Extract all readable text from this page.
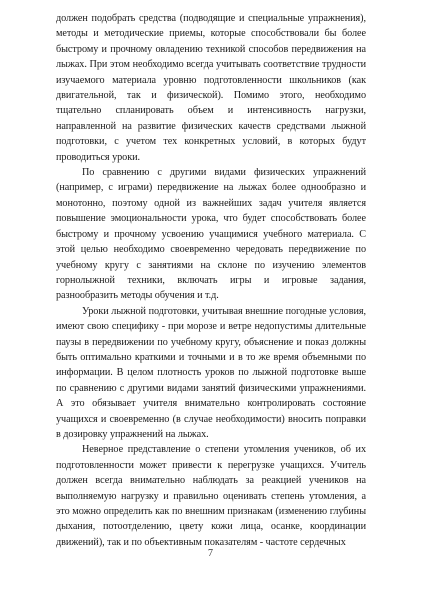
должен подобрать средства (подводящие и специальные упражнения), методы и методические приемы, которые способствовали бы более быстрому и прочному овладению техникой способов передвижения на лыжах. При этом необходимо всегда учитывать соответствие трудности изучаемого материала уровню подготовленности школьников (как двигательной, так и физической). Помимо этого, необходимо тщательно спланировать объем и интенсивность нагрузки, направленной на развитие физических качеств средствами лыжной подготовки, с учетом тех конкретных условий, в которых будут проводиться уроки.

По сравнению с другими видами физических упражнений (например, с играми) передвижение на лыжах более однообразно и монотонно, поэтому одной из важнейших задач учителя является повышение эмоциональности урока, что будет способствовать более быстрому и прочному усвоению учащимися учебного материала. С этой целью необходимо своевременно чередовать передвижение по учебному кругу с занятиями на склоне по изучению элементов горнолыжной техники, включать игры и игровые задания, разнообразить методы обучения и т.д.

Уроки лыжной подготовки, учитывая внешние погодные условия, имеют свою специфику - при морозе и ветре недопустимы длительные паузы в передвижении по учебному кругу, объяснение и показ должны быть оптимально краткими и точными и в то же время объемными по информации. В целом плотность уроков по лыжной подготовке выше по сравнению с другими видами занятий физическими упражнениями. А это обязывает учителя внимательно контролировать состояние учащихся и своевременно (в случае необходимости) вносить поправки в дозировку упражнений на лыжах.

Неверное представление о степени утомления учеников, об их подготовленности может привести к перегрузке учащихся. Учитель должен всегда внимательно наблюдать за реакцией учеников на выполняемую нагрузку и правильно оценивать степень утомления, а это можно определить как по внешним признакам (изменению глубины дыхания, потоотделению, цвету кожи лица, осанке, координации движений), так и по объективным показателям - частоте сердечных

7
